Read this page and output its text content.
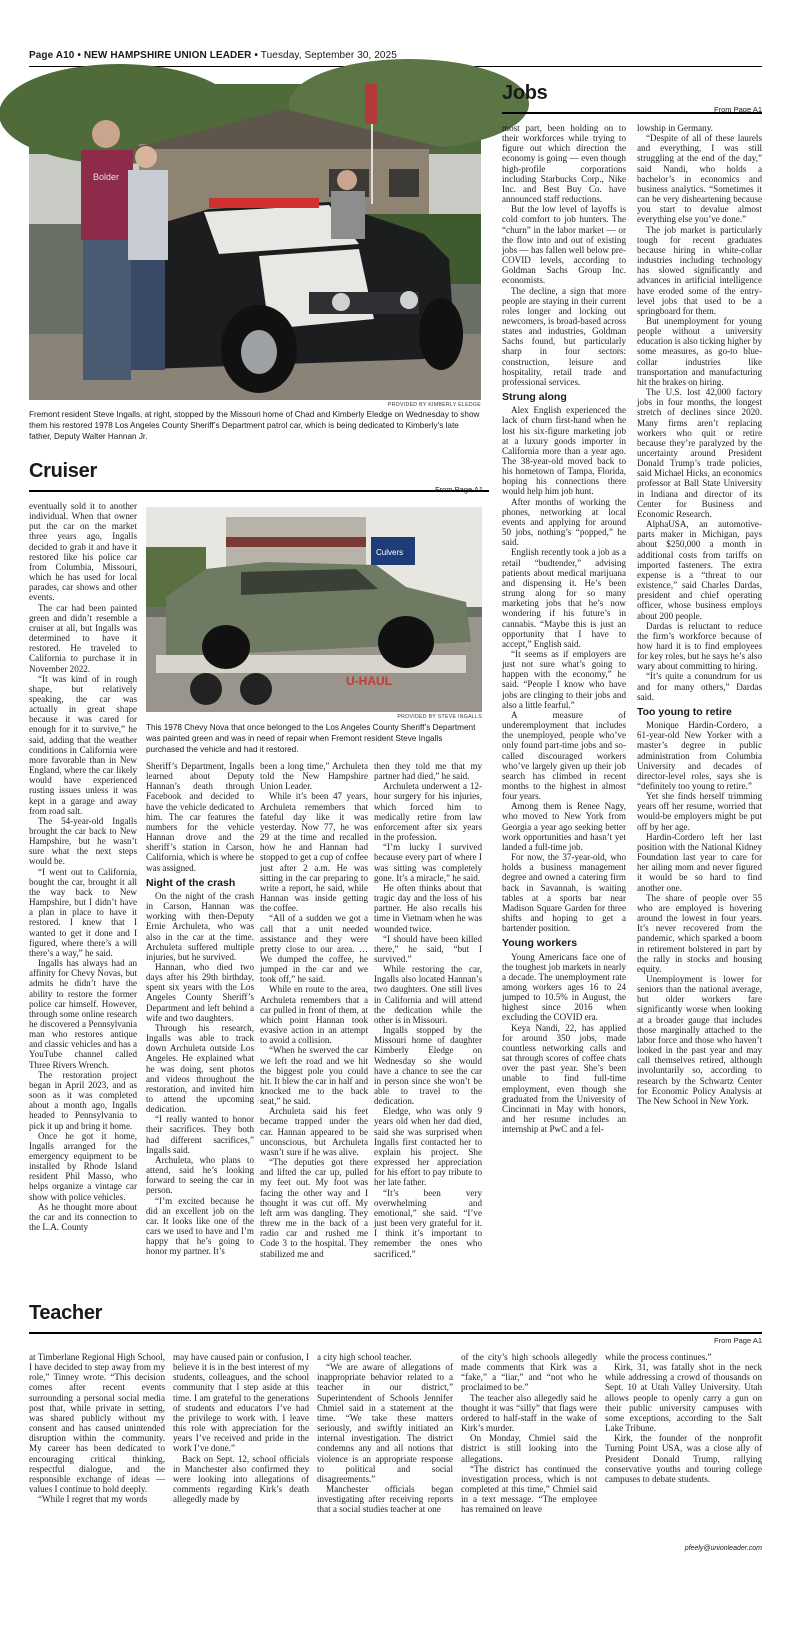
Page A10 • NEW HAMPSHIRE UNION LEADER • Tuesday, September 30, 2025
Bolder
PROVIDED BY KIMBERLY ELEDGE
Fremont resident Steve Ingalls, at right, stopped by the Missouri home of Chad and Kimberly Eledge on Wednesday to show them his restored 1978 Los Angeles County Sheriff’s Department patrol car, which is being dedicated to Kimberly’s late father, Deputy Walter Hannan Jr.
Cruiser
From Page A1
Culvers
U-HAUL
PROVIDED BY STEVE INGALLS
This 1978 Chevy Nova that once belonged to the Los Angeles County Sheriff’s Department was painted green and was in need of repair when Fremont resident Steve Ingalls purchased the vehicle and had it restored.

eventually sold it to another individual. When that owner put the car on the market three years ago, Ingalls decided to grab it and have it restored like his police car from Columbia, Missouri, which he has used for local parades, car shows and other events.

The car had been painted green and didn’t resemble a cruiser at all, but Ingalls was determined to have it restored. He traveled to California to purchase it in November 2022.

“It was kind of in rough shape, but relatively speaking, the car was actually in great shape because it was cared for enough for it to survive,” he said, adding that the weather conditions in California were more favorable than in New England, where the car likely would have experienced rusting issues unless it was kept in a garage and away from road salt.

The 54-year-old Ingalls brought the car back to New Hampshire, but he wasn’t sure what the next steps would be.

“I went out to California, bought the car, brought it all the way back to New Hampshire, but I didn’t have a plan in place to have it restored. I knew that I wanted to get it done and I figured, where there’s a will there’s a way,” he said.

Ingalls has always had an affinity for Chevy Novas, but admits he didn’t have the ability to restore the former police car himself. However, through some online research he discovered a Pennsylvania man who restores antique and classic vehicles and has a YouTube channel called Three Rivers Wrench.

The restoration project began in April 2023, and as soon as it was completed about a month ago, Ingalls headed to Pennsylvania to pick it up and bring it home.

Once he got it home, Ingalls arranged for the emergency equipment to be installed by Rhode Island resident Phil Masso, who helps organize a vintage car show with police vehicles.

As he thought more about the car and its connection to the L.A. County

Sheriff’s Department, Ingalls learned about Deputy Hannan’s death through Facebook and decided to have the vehicle dedicated to him. The car features the numbers for the vehicle Hannan drove and the sheriff’s station in Carson, California, which is where he was assigned.

Night of the crash

On the night of the crash in Carson, Hannan was working with then-Deputy Ernie Archuleta, who was also in the car at the time. Archuleta suffered multiple injuries, but he survived.

Hannan, who died two days after his 29th birthday, spent six years with the Los Angeles County Sheriff’s Department and left behind a wife and two daughters.

Through his research, Ingalls was able to track down Archuleta outside Los Angeles. He explained what he was doing, sent photos and videos throughout the restoration, and invited him to attend the upcoming dedication.

“I really wanted to honor their sacrifices. They both had different sacrifices,” Ingalls said.

Archuleta, who plans to attend, said he’s looking forward to seeing the car in person.

“I’m excited because he did an excellent job on the car. It looks like one of the cars we used to have and I’m happy that he’s going to honor my partner. It’s

been a long time,” Archuleta told the New Hampshire Union Leader.

While it’s been 47 years, Archuleta remembers that fateful day like it was yesterday. Now 77, he was 29 at the time and recalled how he and Hannan had stopped to get a cup of coffee just after 2 a.m. He was sitting in the car preparing to write a report, he said, while Hannan was inside getting the coffee.

“All of a sudden we got a call that a unit needed assistance and they were pretty close to our area. … We dumped the coffee, he jumped in the car and we took off,” he said.

While en route to the area, Archuleta remembers that a car pulled in front of them, at which point Hannan took evasive action in an attempt to avoid a collision.

“When he swerved the car we left the road and we hit the biggest pole you could hit. It blew the car in half and knocked me to the back seat,” he said.

Archuleta said his feet became trapped under the car. Hannan appeared to be unconscious, but Archuleta wasn’t sure if he was alive.

“The deputies got there and lifted the car up, pulled my feet out. My foot was facing the other way and I thought it was cut off. My left arm was dangling. They threw me in the back of a radio car and rushed me Code 3 to the hospital. They stabilized me and

then they told me that my partner had died,” he said.

Archuleta underwent a 12-hour surgery for his injuries, which forced him to medically retire from law enforcement after six years in the profession.

“I’m lucky I survived because every part of where I was sitting was completely gone. It’s a miracle,” he said.

He often thinks about that tragic day and the loss of his partner. He also recalls his time in Vietnam when he was wounded twice.

“I should have been killed there,” he said, “but I survived.”

While restoring the car, Ingalls also located Hannan’s two daughters. One still lives in California and will attend the dedication while the other is in Missouri.

Ingalls stopped by the Missouri home of daughter Kimberly Eledge on Wednesday so she would have a chance to see the car in person since she won’t be able to travel to the dedication.

Eledge, who was only 9 years old when her dad died, said she was surprised when Ingalls first contacted her to explain his project. She expressed her appreciation for his effort to pay tribute to her late father.

“It’s been very overwhelming and emotional,” she said. “I’ve just been very grateful for it. I think it’s important to remember the ones who sacrificed.”

Jobs
From Page A1

most part, been holding on to their workforces while trying to figure out which direction the economy is going — even though high-profile corporations including Starbucks Corp., Nike Inc. and Best Buy Co. have announced staff reductions.

But the low level of layoffs is cold comfort to job hunters. The “churn” in the labor market — or the flow into and out of existing jobs — has fallen well below pre-COVID levels, according to Goldman Sachs Group Inc. economists.

The decline, a sign that more people are staying in their current roles longer and locking out newcomers, is broad-based across states and industries, Goldman Sachs found, but particularly sharp in four sectors: construction, leisure and hospitality, retail trade and professional services.

Strung along

Alex English experienced the lack of churn first-hand when he lost his six-figure marketing job at a luxury goods importer in California more than a year ago. The 38-year-old moved back to his hometown of Tampa, Florida, hoping his connections there would help him job hunt.

After months of working the phones, networking at local events and applying for around 50 jobs, nothing’s “popped,” he said.

English recently took a job as a retail “budtender,” advising patients about medical marijuana and dispensing it. He’s been strung along for so many marketing jobs that he’s now wondering if his future’s in cannabis. “Maybe this is just an opportunity that I have to accept,” English said.

“It seems as if employers are just not sure what’s going to happen with the economy,” he said. “People I know who have jobs are clinging to their jobs and also a little fearful.”

A measure of underemployment that includes the unemployed, people who’ve only found part-time jobs and so-called discouraged workers who’ve largely given up their job search has climbed in recent months to the highest in almost four years.

Among them is Renee Nagy, who moved to New York from Georgia a year ago seeking better work opportunities and hasn’t yet landed a full-time job.

For now, the 37-year-old, who holds a business management degree and owned a catering firm back in Savannah, is waiting tables at a sports bar near Madison Square Garden for three shifts and hoping to get a bartender position.

Young workers

Young Americans face one of the toughest job markets in nearly a decade. The unemployment rate among workers ages 16 to 24 jumped to 10.5% in August, the highest since 2016 when excluding the COVID era.

Keya Nandi, 22, has applied for around 350 jobs, made countless networking calls and sat through scores of coffee chats over the past year. She’s been unable to find full-time employment, even though she graduated from the University of Cincinnati in May with honors, and her resume includes an internship at PwC and a fel-

lowship in Germany.

“Despite of all of these laurels and everything, I was still struggling at the end of the day,” said Nandi, who holds a bachelor’s in economics and business analytics. “Sometimes it can be very disheartening because you start to devalue almost everything else you’ve done.”

The job market is particularly tough for recent graduates because hiring in white-collar industries including technology has slowed significantly and advances in artificial intelligence have eroded some of the entry-level jobs that used to be a springboard for them.

But unemployment for young people without a university education is also ticking higher by some measures, as go-to blue-collar industries like transportation and manufacturing hit the brakes on hiring.

The U.S. lost 42,000 factory jobs in four months, the longest stretch of declines since 2020. Many firms aren’t replacing workers who quit or retire because they’re paralyzed by the uncertainty around President Donald Trump’s trade policies, said Michael Hicks, an economics professor at Ball State University in Indiana and director of its Center for Business and Economic Research.

AlphaUSA, an automotive-parts maker in Michigan, pays about $250,000 a month in additional costs from tariffs on imported fasteners. The extra expense is a “threat to our existence,” said Charles Dardas, president and chief operating officer, whose business employs about 200 people.

Dardas is reluctant to reduce the firm’s workforce because of how hard it is to find employees for key roles, but he says he’s also wary about committing to hiring.

“It’s quite a conundrum for us and for many others,” Dardas said.

Too young to retire

Monique Hardin-Cordero, a 61-year-old New Yorker with a master’s degree in public administration from Columbia University and decades of director-level roles, says she is “definitely too young to retire.”

Yet she finds herself trimming years off her resume, worried that would-be employers might be put off by her age.

Hardin-Cordero left her last position with the National Kidney Foundation last year to care for her ailing mom and never figured it would be so hard to find another one.

The share of people over 55 who are employed is hovering around the lowest in four years. It’s never recovered from the pandemic, which sparked a boom in retirement bolstered in part by the rally in stocks and housing equity.

Unemployment is lower for seniors than the national average, but older workers fare significantly worse when looking at a broader gauge that includes those marginally attached to the labor force and those who haven’t looked in the past year and may call themselves retired, although involuntarily so, according to research by the Schwartz Center for Economic Policy Analysis at The New School in New York.

Teacher
From Page A1

at Timberlane Regional High School, I have decided to step away from my role,” Tinney wrote. “This decision comes after recent events surrounding a personal social media post that, while private in setting, was shared publicly without my consent and has caused unintended disruption within the community. My career has been dedicated to encouraging critical thinking, respectful dialogue, and the responsible exchange of ideas — values I continue to hold deeply.

“While I regret that my words

may have caused pain or confusion, I believe it is in the best interest of my students, colleagues, and the school community that I step aside at this time. I am grateful to the generations of students and educators I’ve had the privilege to work with. I leave this role with appreciation for the years I’ve received and pride in the work I’ve done.”

Back on Sept. 12, school officials in Manchester also confirmed they were looking into allegations of comments regarding Kirk’s death allegedly made by

a city high school teacher.

“We are aware of allegations of inappropriate behavior related to a teacher in our district,” Superintendent of Schools Jennifer Chmiel said in a statement at the time. “We take these matters seriously, and swiftly initiated an internal investigation. The district condemns any and all notions that violence is an appropriate response to political and social disagreements.”

Manchester officials began investigating after receiving reports that a social studies teacher at one

of the city’s high schools allegedly made comments that Kirk was a “fake,” a “liar,” and “not who he proclaimed to be.”

The teacher also allegedly said he thought it was “silly” that flags were ordered to half-staff in the wake of Kirk’s murder.

On Monday, Chmiel said the district is still looking into the allegations.

“The district has continued the investigation process, which is not completed at this time,” Chmiel said in a text message. “The employee has remained on leave

while the process continues.”

Kirk, 31, was fatally shot in the neck while addressing a crowd of thousands on Sept. 10 at Utah Valley University. Utah allows people to openly carry a gun on their public university campuses with some exceptions, according to the Salt Lake Tribune.

Kirk, the founder of the nonprofit Turning Point USA, was a close ally of President Donald Trump, rallying conservative youths and touring college campuses to debate students.

pfeely@unionleader.com
